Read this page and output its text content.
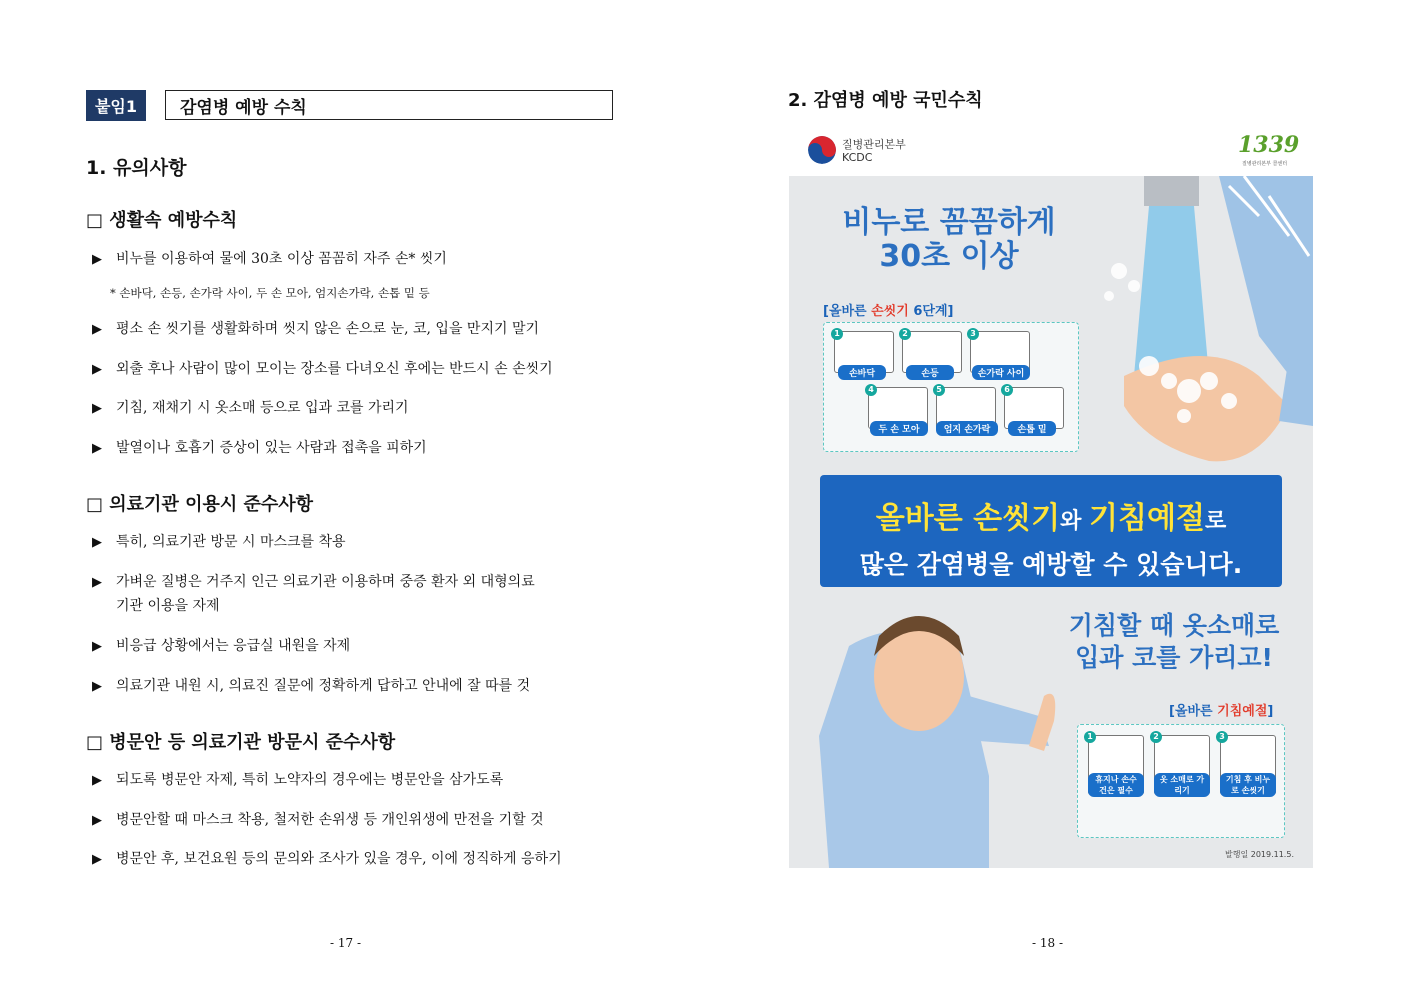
붙임1	감염병 예방 수칙
1. 유의사항
□ 생활속 예방수칙
▶ 비누를 이용하여 물에 30초 이상 꼼꼼히 자주 손* 씻기
* 손바닥, 손등, 손가락 사이, 두 손 모아, 엄지손가락, 손톱 밑 등
▶ 평소 손 씻기를 생활화하며 씻지 않은 손으로 눈, 코, 입을 만지기 말기
▶ 외출 후나 사람이 많이 모이는 장소를 다녀오신 후에는 반드시 손 손씻기
▶ 기침, 재채기 시 옷소매 등으로 입과 코를 가리기
▶ 발열이나 호흡기 증상이 있는 사람과 접촉을 피하기
□ 의료기관 이용시 준수사항
▶ 특히, 의료기관 방문 시 마스크를 착용
▶ 가벼운 질병은 거주지 인근 의료기관 이용하며 중증 환자 외 대형의료
기관 이용을 자제
▶ 비응급 상황에서는 응급실 내원을 자제
▶ 의료기관 내원 시, 의료진 질문에 정확하게 답하고 안내에 잘 따를 것
□ 병문안 등 의료기관 방문시 준수사항
▶ 되도록 병문안 자제, 특히 노약자의 경우에는 병문안을 삼가도록
▶ 병문안할 때 마스크 착용, 철저한 손위생 등 개인위생에 만전을 기할 것
▶ 병문안 후, 보건요원 등의 문의와 조사가 있을 경우, 이에 정직하게 응하기
- 17 -
2. 감염병 예방 국민수칙
질병관리본부
KCDC	1339
질병관리본부 콜센터
비누로 꼼꼼하게
30초 이상
[올바른 손씻기 6단계]
손바닥
1
손등
2
손가락 사이
3
두 손 모아
4
엄지 손가락
5
손톱 밑
6
올바른 손씻기와 기침예절로
많은 감염병을 예방할 수 있습니다.
기침할 때 옷소매로
입과 코를 가리고!
[올바른 기침예절]
휴지나 손수건은 필수
1
옷 소매로 가리기
2
기침 후 비누로 손씻기
3
발행일 2019.11.5.
- 18 -
